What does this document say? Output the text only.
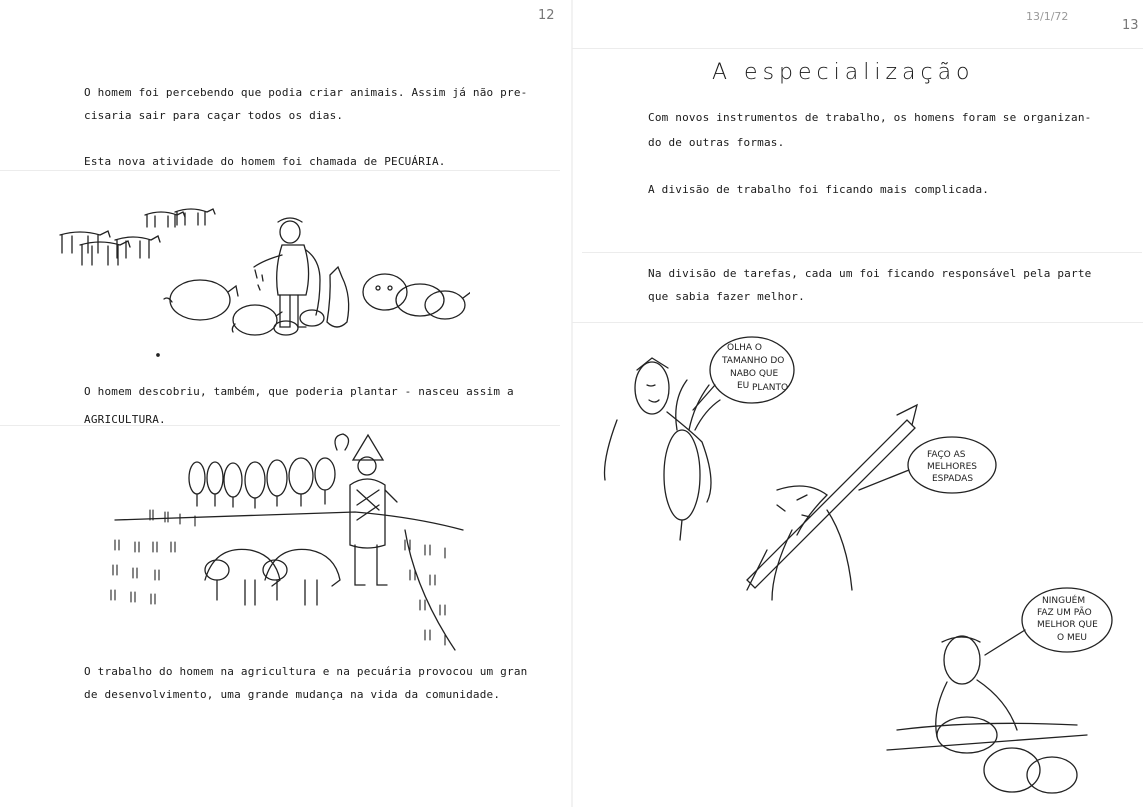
12
O homem foi percebendo que podia criar animais. Assim já não pre-
cisaria sair para caçar todos os dias.
Esta nova atividade do homem foi chamada de PECUÁRIA.
O homem descobriu, também, que poderia plantar - nasceu assim a
AGRICULTURA.
O trabalho do homem na agricultura e na pecuária provocou um gran
de desenvolvimento, uma grande mudança na vida da comunidade.
13/1/72
13
A especialização
Com novos instrumentos de trabalho, os homens foram se organizan-
do de outras formas.
A divisão de trabalho foi ficando mais complicada.
Na divisão de tarefas, cada um foi ficando responsável pela parte
que sabia fazer melhor.
OLHA O
TAMANHO DO
NABO QUE
EU PLANTO
FAÇO AS
MELHORES
ESPADAS
NINGUÉM
FAZ UM PÃO
MELHOR QUE
O MEU
